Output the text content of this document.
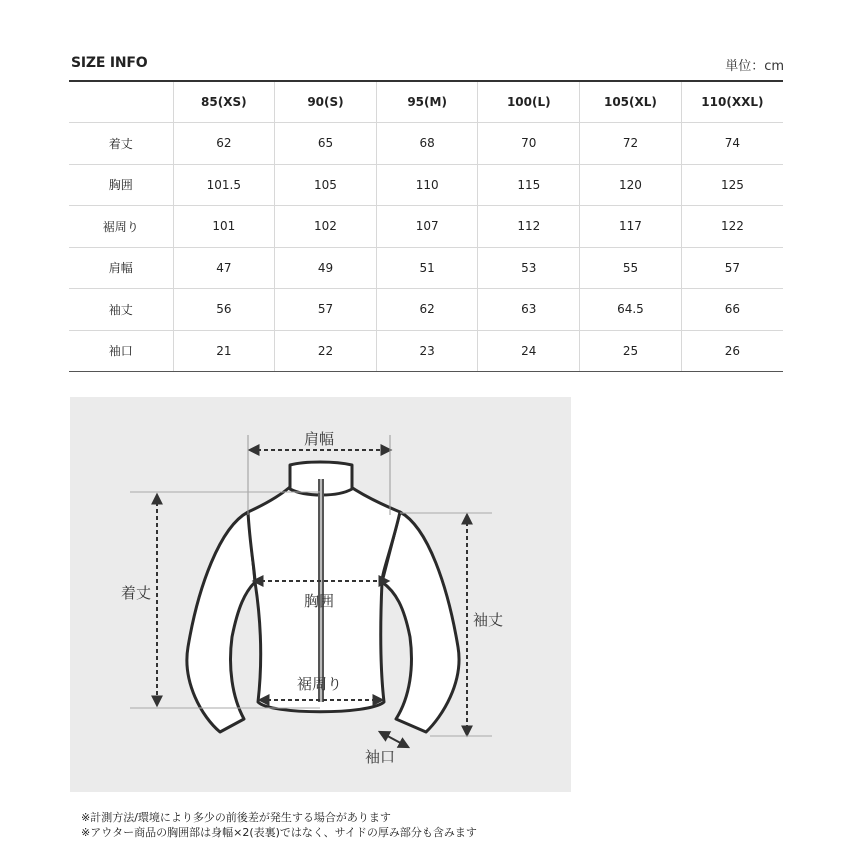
SIZE INFO	単位：cm
	85(XS)	90(S)	95(M)	100(L)	105(XL)	110(XXL)
着丈	62	65	68	70	72	74
胸囲	101.5	105	110	115	120	125
裾周り	101	102	107	112	117	122
肩幅	47	49	51	53	55	57
袖丈	56	57	62	63	64.5	66
袖口	21	22	23	24	25	26
肩幅
着丈	胸囲
袖丈
裾周り
袖口
※計測方法/環境により多少の前後差が発生する場合があります
※アウター商品の胸囲部は身幅×2(表裏)ではなく、サイドの厚み部分も含みます
